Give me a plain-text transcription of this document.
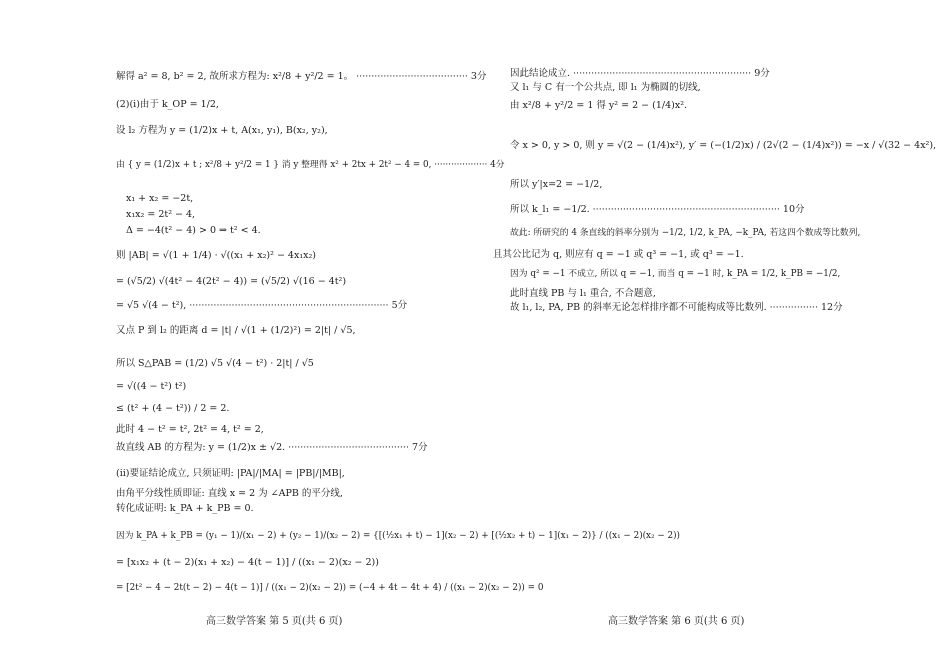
解得 a² = 8, b² = 2, 故所求方程为: x²/8 + y²/2 = 1。 ····································· 3分
(2)(ⅰ)由于 k_OP = 1/2,
设 l₂ 方程为 y = (1/2)x + t, A(x₁, y₁), B(x₂, y₂),
由 { y = (1/2)x + t ; x²/8 + y²/2 = 1 } 消 y 整理得 x² + 2tx + 2t² − 4 = 0, ··················· 4分
x₁ + x₂ = −2t,
x₁x₂ = 2t² − 4,
Δ = −4(t² − 4) > 0 ⇒ t² < 4.
则 |AB| = √(1 + 1/4) · √((x₁ + x₂)² − 4x₁x₂)
= (√5/2) √(4t² − 4(2t² − 4)) = (√5/2) √(16 − 4t²)
= √5 √(4 − t²), ·································································· 5分
又点 P 到 l₂ 的距离 d = |t| / √(1 + (1/2)²) = 2|t| / √5,
所以 S△PAB = (1/2) √5 √(4 − t²) · 2|t| / √5
= √((4 − t²) t²)
≤ (t² + (4 − t²)) / 2 = 2.
此时 4 − t² = t², 2t² = 4, t² = 2,
故直线 AB 的方程为: y = (1/2)x ± √2. ········································ 7分
(ⅱ)要证结论成立, 只须证明: |PA|/|MA| = |PB|/|MB|,
由角平分线性质即证: 直线 x = 2 为 ∠APB 的平分线,
转化成证明: k_PA + k_PB = 0.
因为 k_PA + k_PB = (y₁ − 1)/(x₁ − 2) + (y₂ − 1)/(x₂ − 2) = {[(½x₁ + t) − 1](x₂ − 2) + [(½x₂ + t) − 1](x₁ − 2)} / ((x₁ − 2)(x₂ − 2))
= [x₁x₂ + (t − 2)(x₁ + x₂) − 4(t − 1)] / ((x₁ − 2)(x₂ − 2))
= [2t² − 4 − 2t(t − 2) − 4(t − 1)] / ((x₁ − 2)(x₂ − 2)) = (−4 + 4t − 4t + 4) / ((x₁ − 2)(x₂ − 2)) = 0
高三数学答案 第 5 页(共 6 页)
因此结论成立. ··························································· 9分
又 l₁ 与 C 有一个公共点, 即 l₁ 为椭圆的切线,
由 x²/8 + y²/2 = 1 得 y² = 2 − (1/4)x².
令 x > 0, y > 0, 则 y = √(2 − (1/4)x²), y′ = (−(1/2)x) / (2√(2 − (1/4)x²)) = −x / √(32 − 4x²),
所以 y′|x=2 = −1/2,
所以 k_l₁ = −1/2. ······························································ 10分
故此: 所研究的 4 条直线的斜率分别为 −1/2, 1/2, k_PA, −k_PA, 若这四个数成等比数列,
且其公比记为 q, 则应有 q = −1 或 q³ = −1, 或 q³ = −1.
因为 q² = −1 不成立, 所以 q = −1, 而当 q = −1 时, k_PA = 1/2, k_PB = −1/2,
此时直线 PB 与 l₁ 重合, 不合题意,
故 l₁, l₂, PA, PB 的斜率无论怎样排序都不可能构成等比数列. ················ 12分
高三数学答案 第 6 页(共 6 页)
